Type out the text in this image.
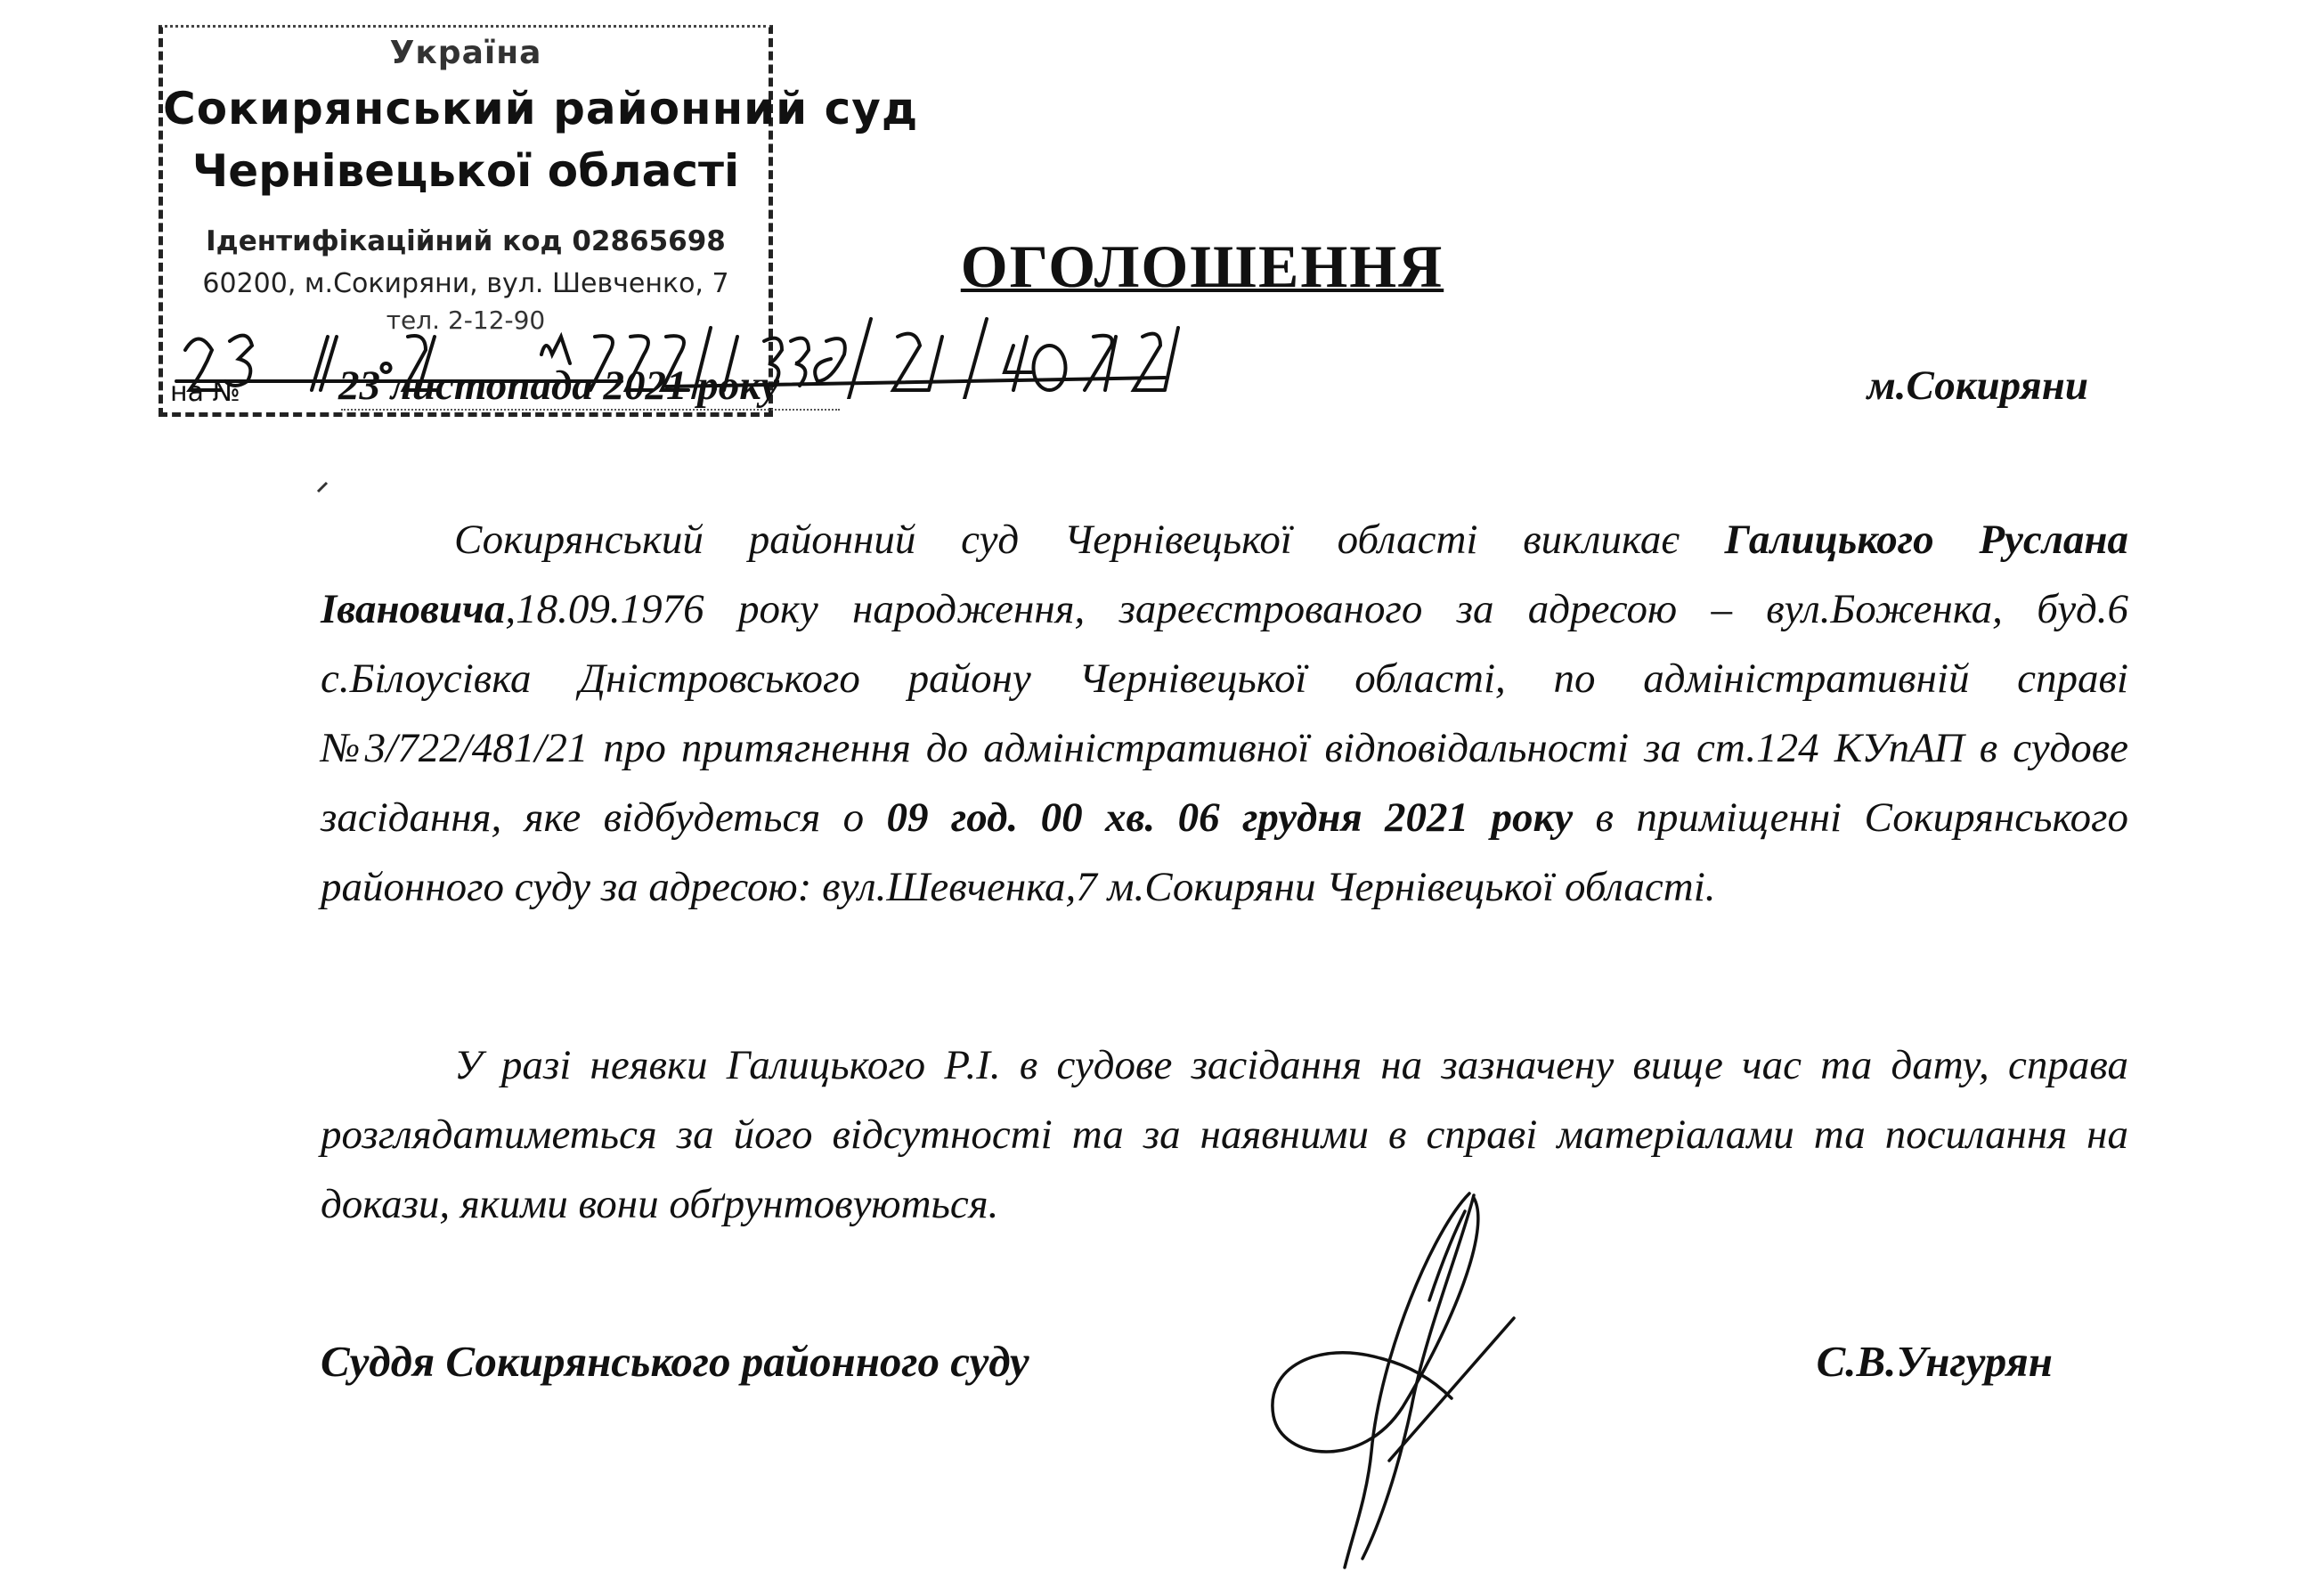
Україна
Сокирянський районний суд
Чернівецької області
Ідентифікаційний код 02865698
60200, м.Сокиряни, вул. Шевченко, 7
тел. 2-12-90
на №
ОГОЛОШЕННЯ
23 листопада 2021 року	м.Сокиряни

Сокирянський районний суд Чернівецької області викликає Галицького Руслана Івановича,18.09.1976 року народження, зареєстрованого за адресою – вул.Боженка, буд.6 с.Білоусівка Дністровського району Чернівецької області, по адміністративній справі №3/722/481/21 про притягнення до адміністративної відповідальності за ст.124 КУпАП в судове засідання, яке відбудеться о 09 год. 00 хв. 06 грудня 2021 року в приміщенні Сокирянського районного суду за адресою: вул.Шевченка,7 м.Сокиряни Чернівецької області.

У разі неявки Галицького Р.І. в судове засідання на зазначену вище час та дату, справа розглядатиметься за його відсутності та за наявними в справі матеріалами та посилання на докази, якими вони обґрунтовуються.

Суддя Сокирянського районного суду	С.В.Унгурян
